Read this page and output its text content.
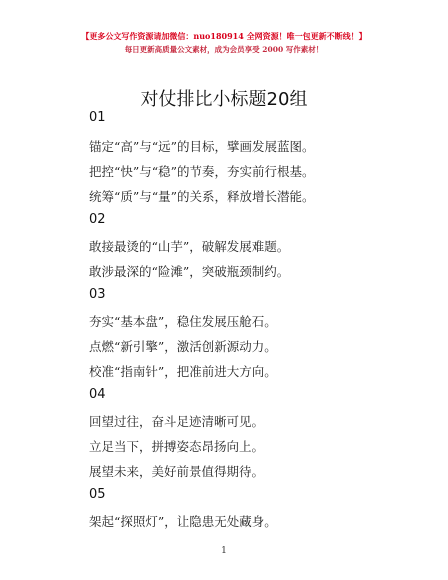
【更多公文写作资源请加微信：nuo180914 全网资源！唯一包更新不断线！】
每日更新高质量公文素材，成为会员享受 2000 写作素材！
对仗排比小标题20组
01
锚定“高”与“远”的目标，擘画发展蓝图。
把控“快”与“稳”的节奏，夯实前行根基。
统筹“质”与“量”的关系，释放增长潜能。
02
敢接最烫的“山芋”，破解发展难题。
敢涉最深的“险滩”，突破瓶颈制约。
03
夯实“基本盘”，稳住发展压舱石。
点燃“新引擎”，激活创新源动力。
校准“指南针”，把准前进大方向。
04
回望过往，奋斗足迹清晰可见。
立足当下，拼搏姿态昂扬向上。
展望未来，美好前景值得期待。
05
架起“探照灯”，让隐患无处藏身。
1
